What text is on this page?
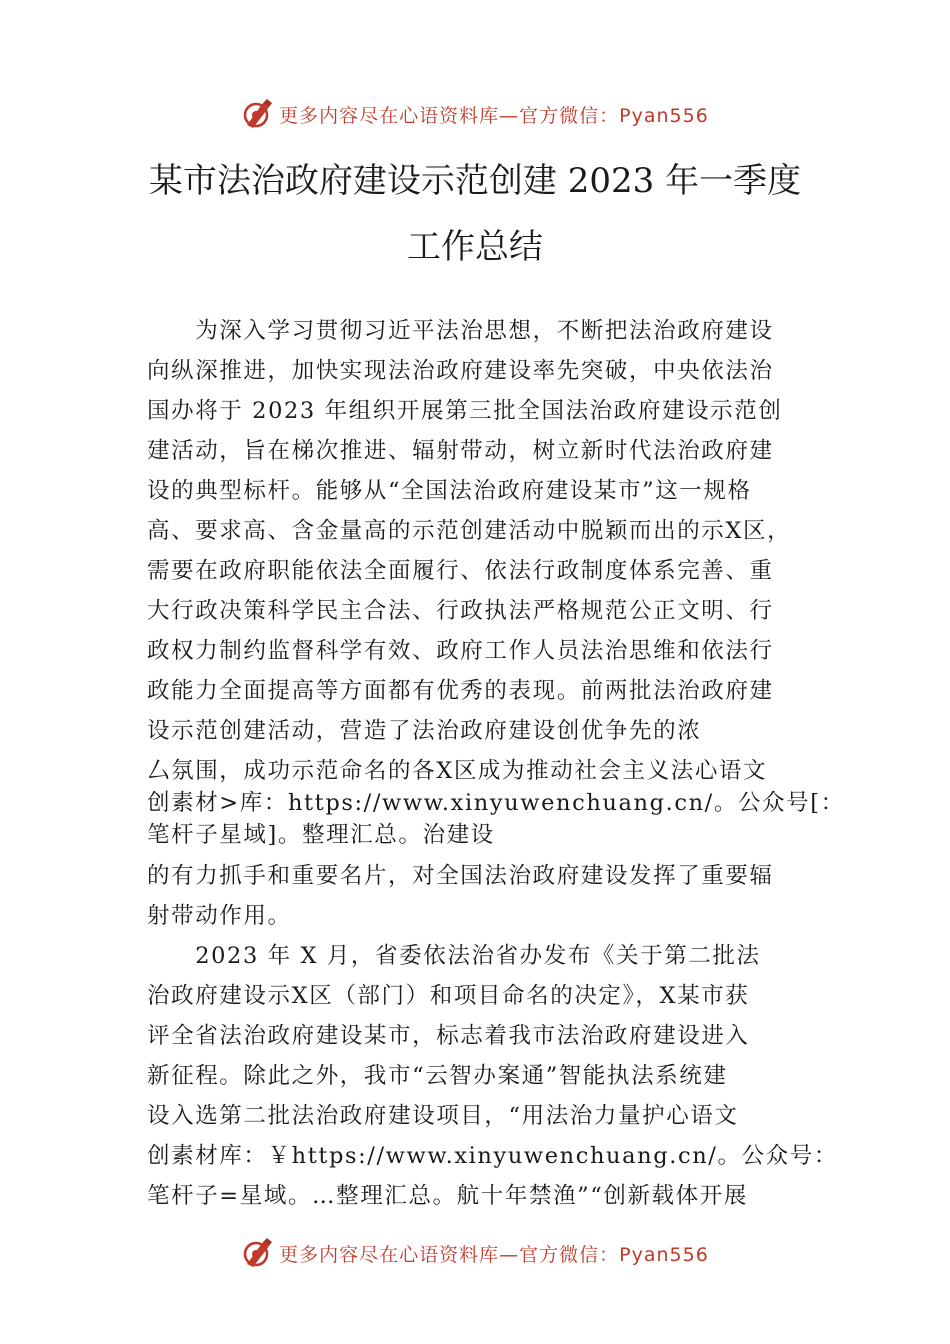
更多内容尽在心语资料库—官方微信：Pyan556
某市法治政府建设示范创建 2023 年一季度
工作总结
　　为深入学习贯彻习近平法治思想，不断把法治政府建设
向纵深推进，加快实现法治政府建设率先突破，中央依法治
国办将于 2023 年组织开展第三批全国法治政府建设示范创
建活动，旨在梯次推进、辐射带动，树立新时代法治政府建
设的典型标杆。能够从“全国法治政府建设某市”这一规格
高、要求高、含金量高的示范创建活动中脱颖而出的示X区，
需要在政府职能依法全面履行、依法行政制度体系完善、重
大行政决策科学民主合法、行政执法严格规范公正文明、行
政权力制约监督科学有效、政府工作人员法治思维和依法行
政能力全面提高等方面都有优秀的表现。前两批法治政府建
设示范创建活动，营造了法治政府建设创优争先的浓
厶氛围，成功示范命名的各X区成为推动社会主义法心语文
创素材>库：https://www.xinyuwenchuang.cn/。公众号[：
笔杆子星域]。整理汇总。治建设
的有力抓手和重要名片，对全国法治政府建设发挥了重要辐
射带动作用。
　　2023 年 X 月，省委依法治省办发布《关于第二批法
治政府建设示X区（部门）和项目命名的决定》，X某市获
评全省法治政府建设某市，标志着我市法治政府建设进入
新征程。除此之外，我市“云智办案通”智能执法系统建
设入选第二批法治政府建设项目，“用法治力量护心语文
创素材库：￥https://www.xinyuwenchuang.cn/。公众号：
笔杆子=星域。…整理汇总。航十年禁渔”“创新载体开展
更多内容尽在心语资料库—官方微信：Pyan556
